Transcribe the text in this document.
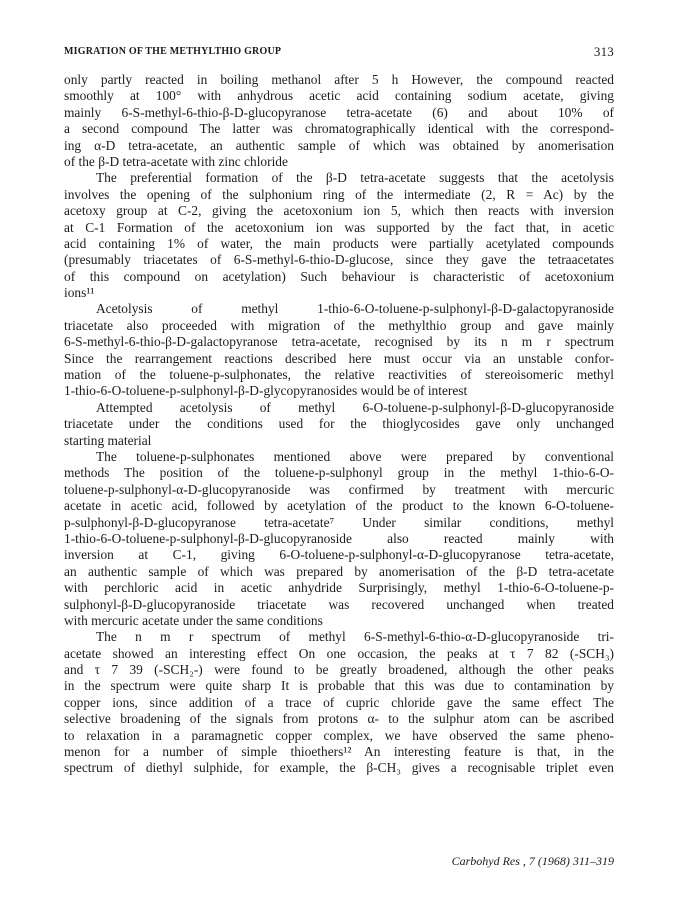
MIGRATION OF THE METHYLTHIO GROUP	313
only partly reacted in boiling methanol after 5 h However, the compound reacted
smoothly at 100° with anhydrous acetic acid containing sodium acetate, giving
mainly 6-S-methyl-6-thio-β-D-glucopyranose tetra-acetate (6) and about 10% of
a second compound The latter was chromatographically identical with the correspond-
ing α-D tetra-acetate, an authentic sample of which was obtained by anomerisation
of the β-D tetra-acetate with zinc chloride
The preferential formation of the β-D tetra-acetate suggests that the acetolysis
involves the opening of the sulphonium ring of the intermediate (2, R = Ac) by the
acetoxy group at C-2, giving the acetoxonium ion 5, which then reacts with inversion
at C-1 Formation of the acetoxonium ion was supported by the fact that, in acetic
acid containing 1% of water, the main products were partially acetylated compounds
(presumably triacetates of 6-S-methyl-6-thio-D-glucose, since they gave the tetraacetates
of this compound on acetylation) Such behaviour is characteristic of acetoxonium
ions¹¹
Acetolysis of methyl 1-thio-6-O-toluene-p-sulphonyl-β-D-galactopyranoside
triacetate also proceeded with migration of the methylthio group and gave mainly
6-S-methyl-6-thio-β-D-galactopyranose tetra-acetate, recognised by its n m r spectrum
Since the rearrangement reactions described here must occur via an unstable confor-
mation of the toluene-p-sulphonates, the relative reactivities of stereoisomeric methyl
1-thio-6-O-toluene-p-sulphonyl-β-D-glycopyranosides would be of interest
Attempted acetolysis of methyl 6-O-toluene-p-sulphonyl-β-D-glucopyranoside
triacetate under the conditions used for the thioglycosides gave only unchanged
starting material
The toluene-p-sulphonates mentioned above were prepared by conventional
methods The position of the toluene-p-sulphonyl group in the methyl 1-thio-6-O-
toluene-p-sulphonyl-α-D-glucopyranoside was confirmed by treatment with mercuric
acetate in acetic acid, followed by acetylation of the product to the known 6-O-toluene-
p-sulphonyl-β-D-glucopyranose tetra-acetate⁷ Under similar conditions, methyl
1-thio-6-O-toluene-p-sulphonyl-β-D-glucopyranoside also reacted mainly with
inversion at C-1, giving 6-O-toluene-p-sulphonyl-α-D-glucopyranose tetra-acetate,
an authentic sample of which was prepared by anomerisation of the β-D tetra-acetate
with perchloric acid in acetic anhydride Surprisingly, methyl 1-thio-6-O-toluene-p-
sulphonyl-β-D-glucopyranoside triacetate was recovered unchanged when treated
with mercuric acetate under the same conditions
The n m r spectrum of methyl 6-S-methyl-6-thio-α-D-glucopyranoside tri-
acetate showed an interesting effect On one occasion, the peaks at τ 7 82 (-SCH₃)
and τ 7 39 (-SCH₂-) were found to be greatly broadened, although the other peaks
in the spectrum were quite sharp It is probable that this was due to contamination by
copper ions, since addition of a trace of cupric chloride gave the same effect The
selective broadening of the signals from protons α- to the sulphur atom can be ascribed
to relaxation in a paramagnetic copper complex, we have observed the same pheno-
menon for a number of simple thioethers¹² An interesting feature is that, in the
spectrum of diethyl sulphide, for example, the β-CH₃ gives a recognisable triplet even
Carbohyd Res , 7 (1968) 311–319
